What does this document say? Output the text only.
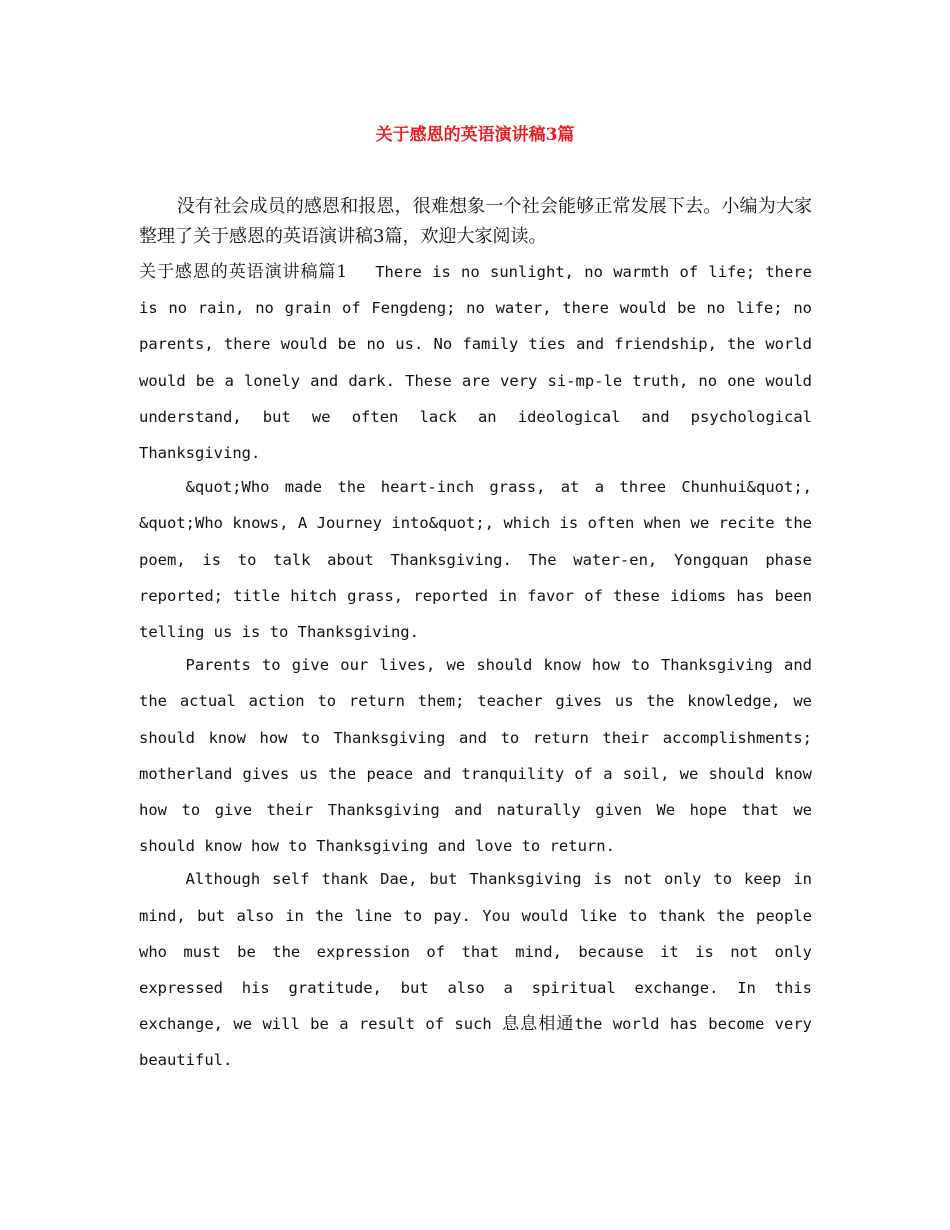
关于感恩的英语演讲稿3篇

没有社会成员的感恩和报恩，很难想象一个社会能够正常发展下去。小编为大家整理了关于感恩的英语演讲稿3篇，欢迎大家阅读。

关于感恩的英语演讲稿篇1 There is no sunlight, no warmth of life; there is no rain, no grain of Fengdeng; no water, there would be no life; no parents, there would be no us. No family ties and friendship, the world would be a lonely and dark. These are very si-mp-le truth, no one would understand, but we often lack an ideological and psychological Thanksgiving.

&quot;Who made the heart-inch grass, at a three Chunhui&quot;, &quot;Who knows, A Journey into&quot;, which is often when we recite the poem, is to talk about Thanksgiving. The water-en, Yongquan phase reported; title hitch grass, reported in favor of these idioms has been telling us is to Thanksgiving.

Parents to give our lives, we should know how to Thanksgiving and the actual action to return them; teacher gives us the knowledge, we should know how to Thanksgiving and to return their accomplishments; motherland gives us the peace and tranquility of a soil, we should know how to give their Thanksgiving and naturally given We hope that we should know how to Thanksgiving and love to return.

Although self thank Dae, but Thanksgiving is not only to keep in mind, but also in the line to pay. You would like to thank the people who must be the expression of that mind, because it is not only expressed his gratitude, but also a spiritual exchange. In this exchange, we will be a result of such 息息相通the world has become very beautiful.
